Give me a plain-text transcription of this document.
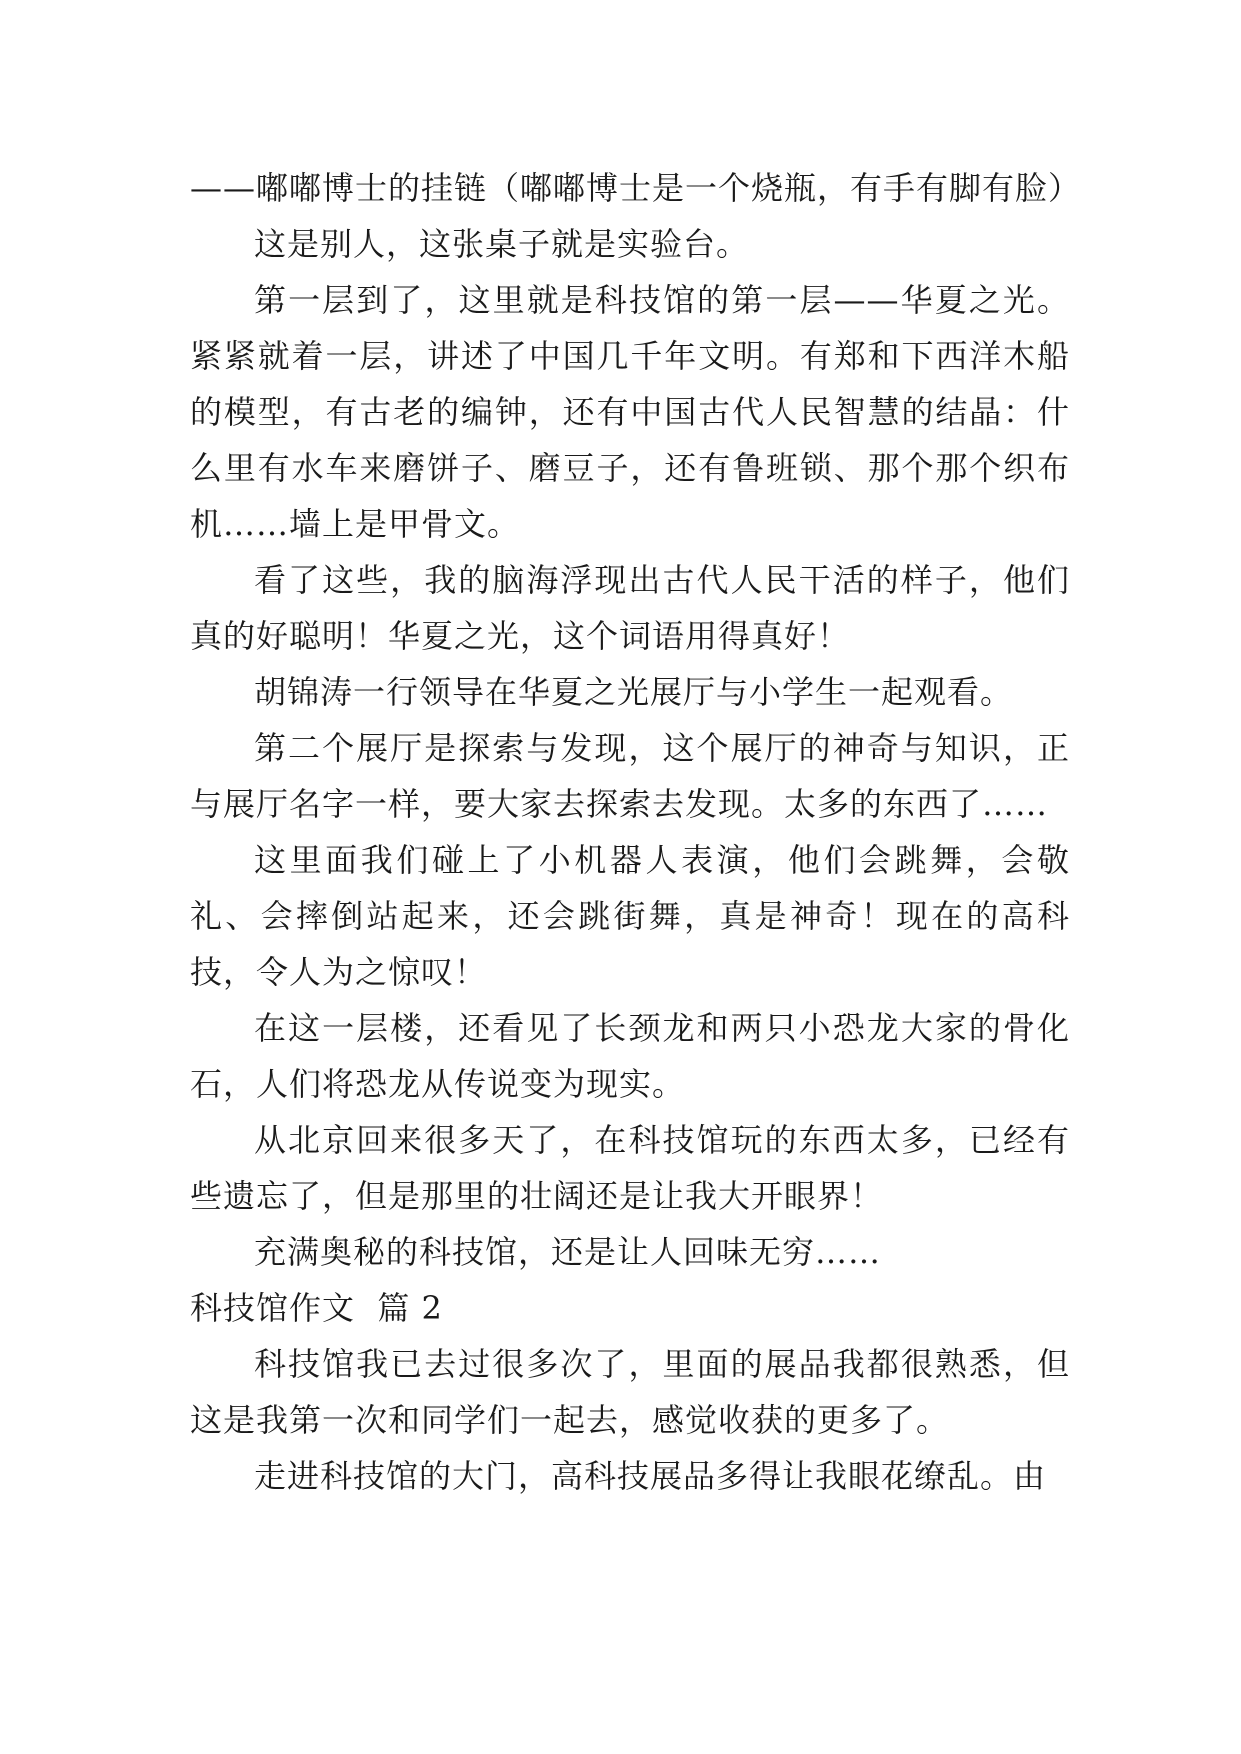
——嘟嘟博士的挂链（嘟嘟博士是一个烧瓶，有手有脚有脸）

这是别人，这张桌子就是实验台。

第一层到了，这里就是科技馆的第一层——华夏之光。紧紧就着一层，讲述了中国几千年文明。有郑和下西洋木船的模型，有古老的编钟，还有中国古代人民智慧的结晶：什么里有水车来磨饼子、磨豆子，还有鲁班锁、那个那个织布机……墙上是甲骨文。

看了这些，我的脑海浮现出古代人民干活的样子，他们真的好聪明！华夏之光，这个词语用得真好！

胡锦涛一行领导在华夏之光展厅与小学生一起观看。

第二个展厅是探索与发现，这个展厅的神奇与知识，正与展厅名字一样，要大家去探索去发现。太多的东西了……

这里面我们碰上了小机器人表演，他们会跳舞，会敬礼、会摔倒站起来，还会跳街舞，真是神奇！现在的高科技，令人为之惊叹！

在这一层楼，还看见了长颈龙和两只小恐龙大家的骨化石，人们将恐龙从传说变为现实。

从北京回来很多天了，在科技馆玩的东西太多，已经有些遗忘了，但是那里的壮阔还是让我大开眼界！

充满奥秘的科技馆，还是让人回味无穷……

科技馆作文  篇 2

科技馆我已去过很多次了，里面的展品我都很熟悉，但这是我第一次和同学们一起去，感觉收获的更多了。

走进科技馆的大门，高科技展品多得让我眼花缭乱。由
